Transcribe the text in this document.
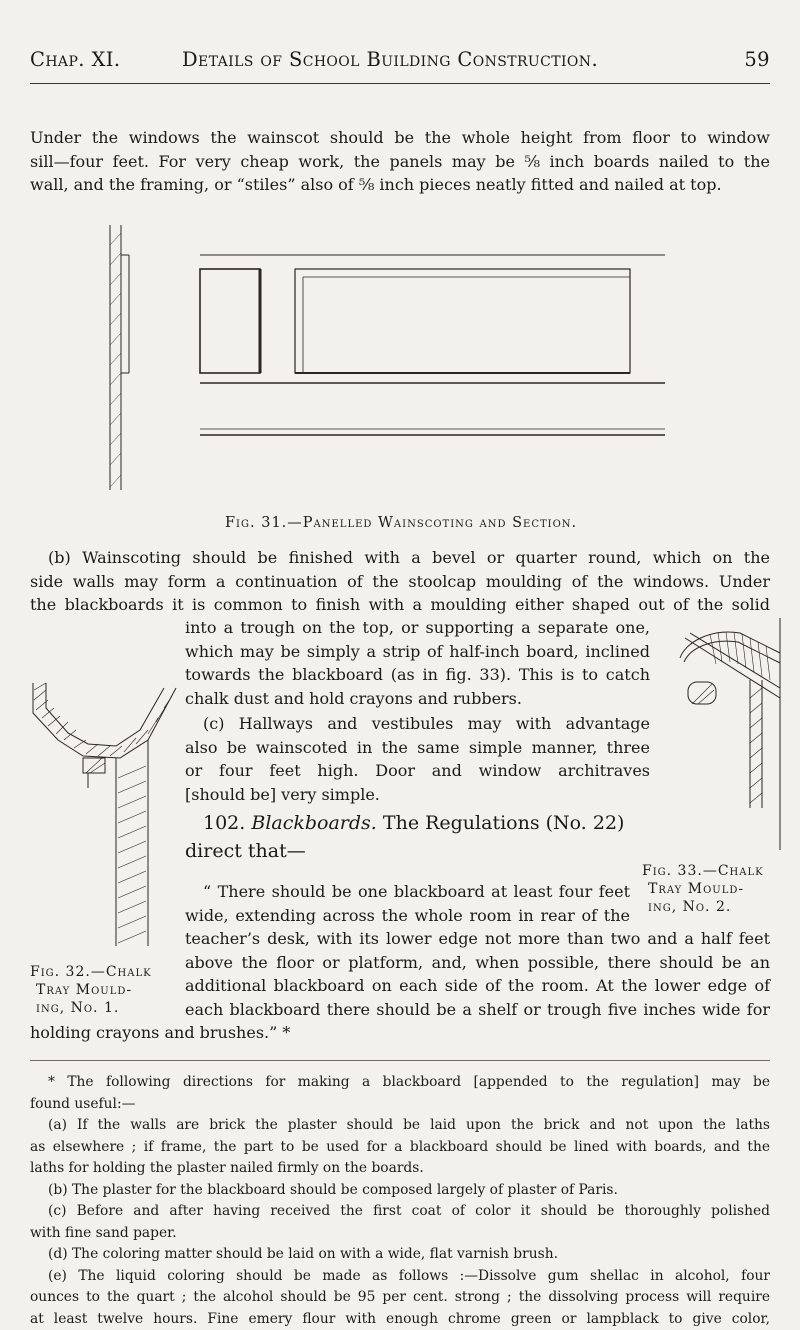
Chap. XI.	Details of School Building Construction.	59
Under the windows the wainscot should be the whole height from floor to window
sill—four feet. For very cheap work, the panels may be ⅝ inch boards nailed to the
wall, and the framing, or “stiles” also of ⅝ inch pieces neatly fitted and nailed at top.
Fig. 31.—Panelled Wainscoting and Section.
(b) Wainscoting should be finished with a bevel or quarter round, which on the
side walls may form a continuation of the stoolcap moulding of the windows. Under
the blackboards it is common to finish with a moulding either shaped out of the solid
into a trough on the top, or supporting a separate one,
which may be simply a strip of half-inch board, inclined
towards the blackboard (as in fig. 33). This is to catch
chalk dust and hold crayons and rubbers.
(c) Hallways and vestibules may with advantage
also be wainscoted in the same simple manner, three
or four feet high. Door and window architraves
[should be] very simple.
102. Blackboards. The Regulations (No. 22)
direct that—
Fig. 32.—Chalk
Tray Mould-
ing, No. 1.
Fig. 33.—Chalk
Tray Mould-
ing, No. 2.
“ There should be one blackboard at least four feet
wide, extending across the whole room in rear of the
teacher’s desk, with its lower edge not more than two and a half feet
above the floor or platform, and, when possible, there should be an
additional blackboard on each side of the room. At the lower edge of
each blackboard there should be a shelf or trough five inches wide for
holding crayons and brushes.” *
* The following directions for making a blackboard [appended to the regulation] may be
found useful:—
(a) If the walls are brick the plaster should be laid upon the brick and not upon the laths
as elsewhere ; if frame, the part to be used for a blackboard should be lined with boards, and the
laths for holding the plaster nailed firmly on the boards.
(b) The plaster for the blackboard should be composed largely of plaster of Paris.
(c) Before and after having received the first coat of color it should be thoroughly polished
with fine sand paper.
(d) The coloring matter should be laid on with a wide, flat varnish brush.
(e) The liquid coloring should be made as follows :—Dissolve gum shellac in alcohol, four
ounces to the quart ; the alcohol should be 95 per cent. strong ; the dissolving process will require
at least twelve hours. Fine emery flour with enough chrome green or lampblack to give color,
